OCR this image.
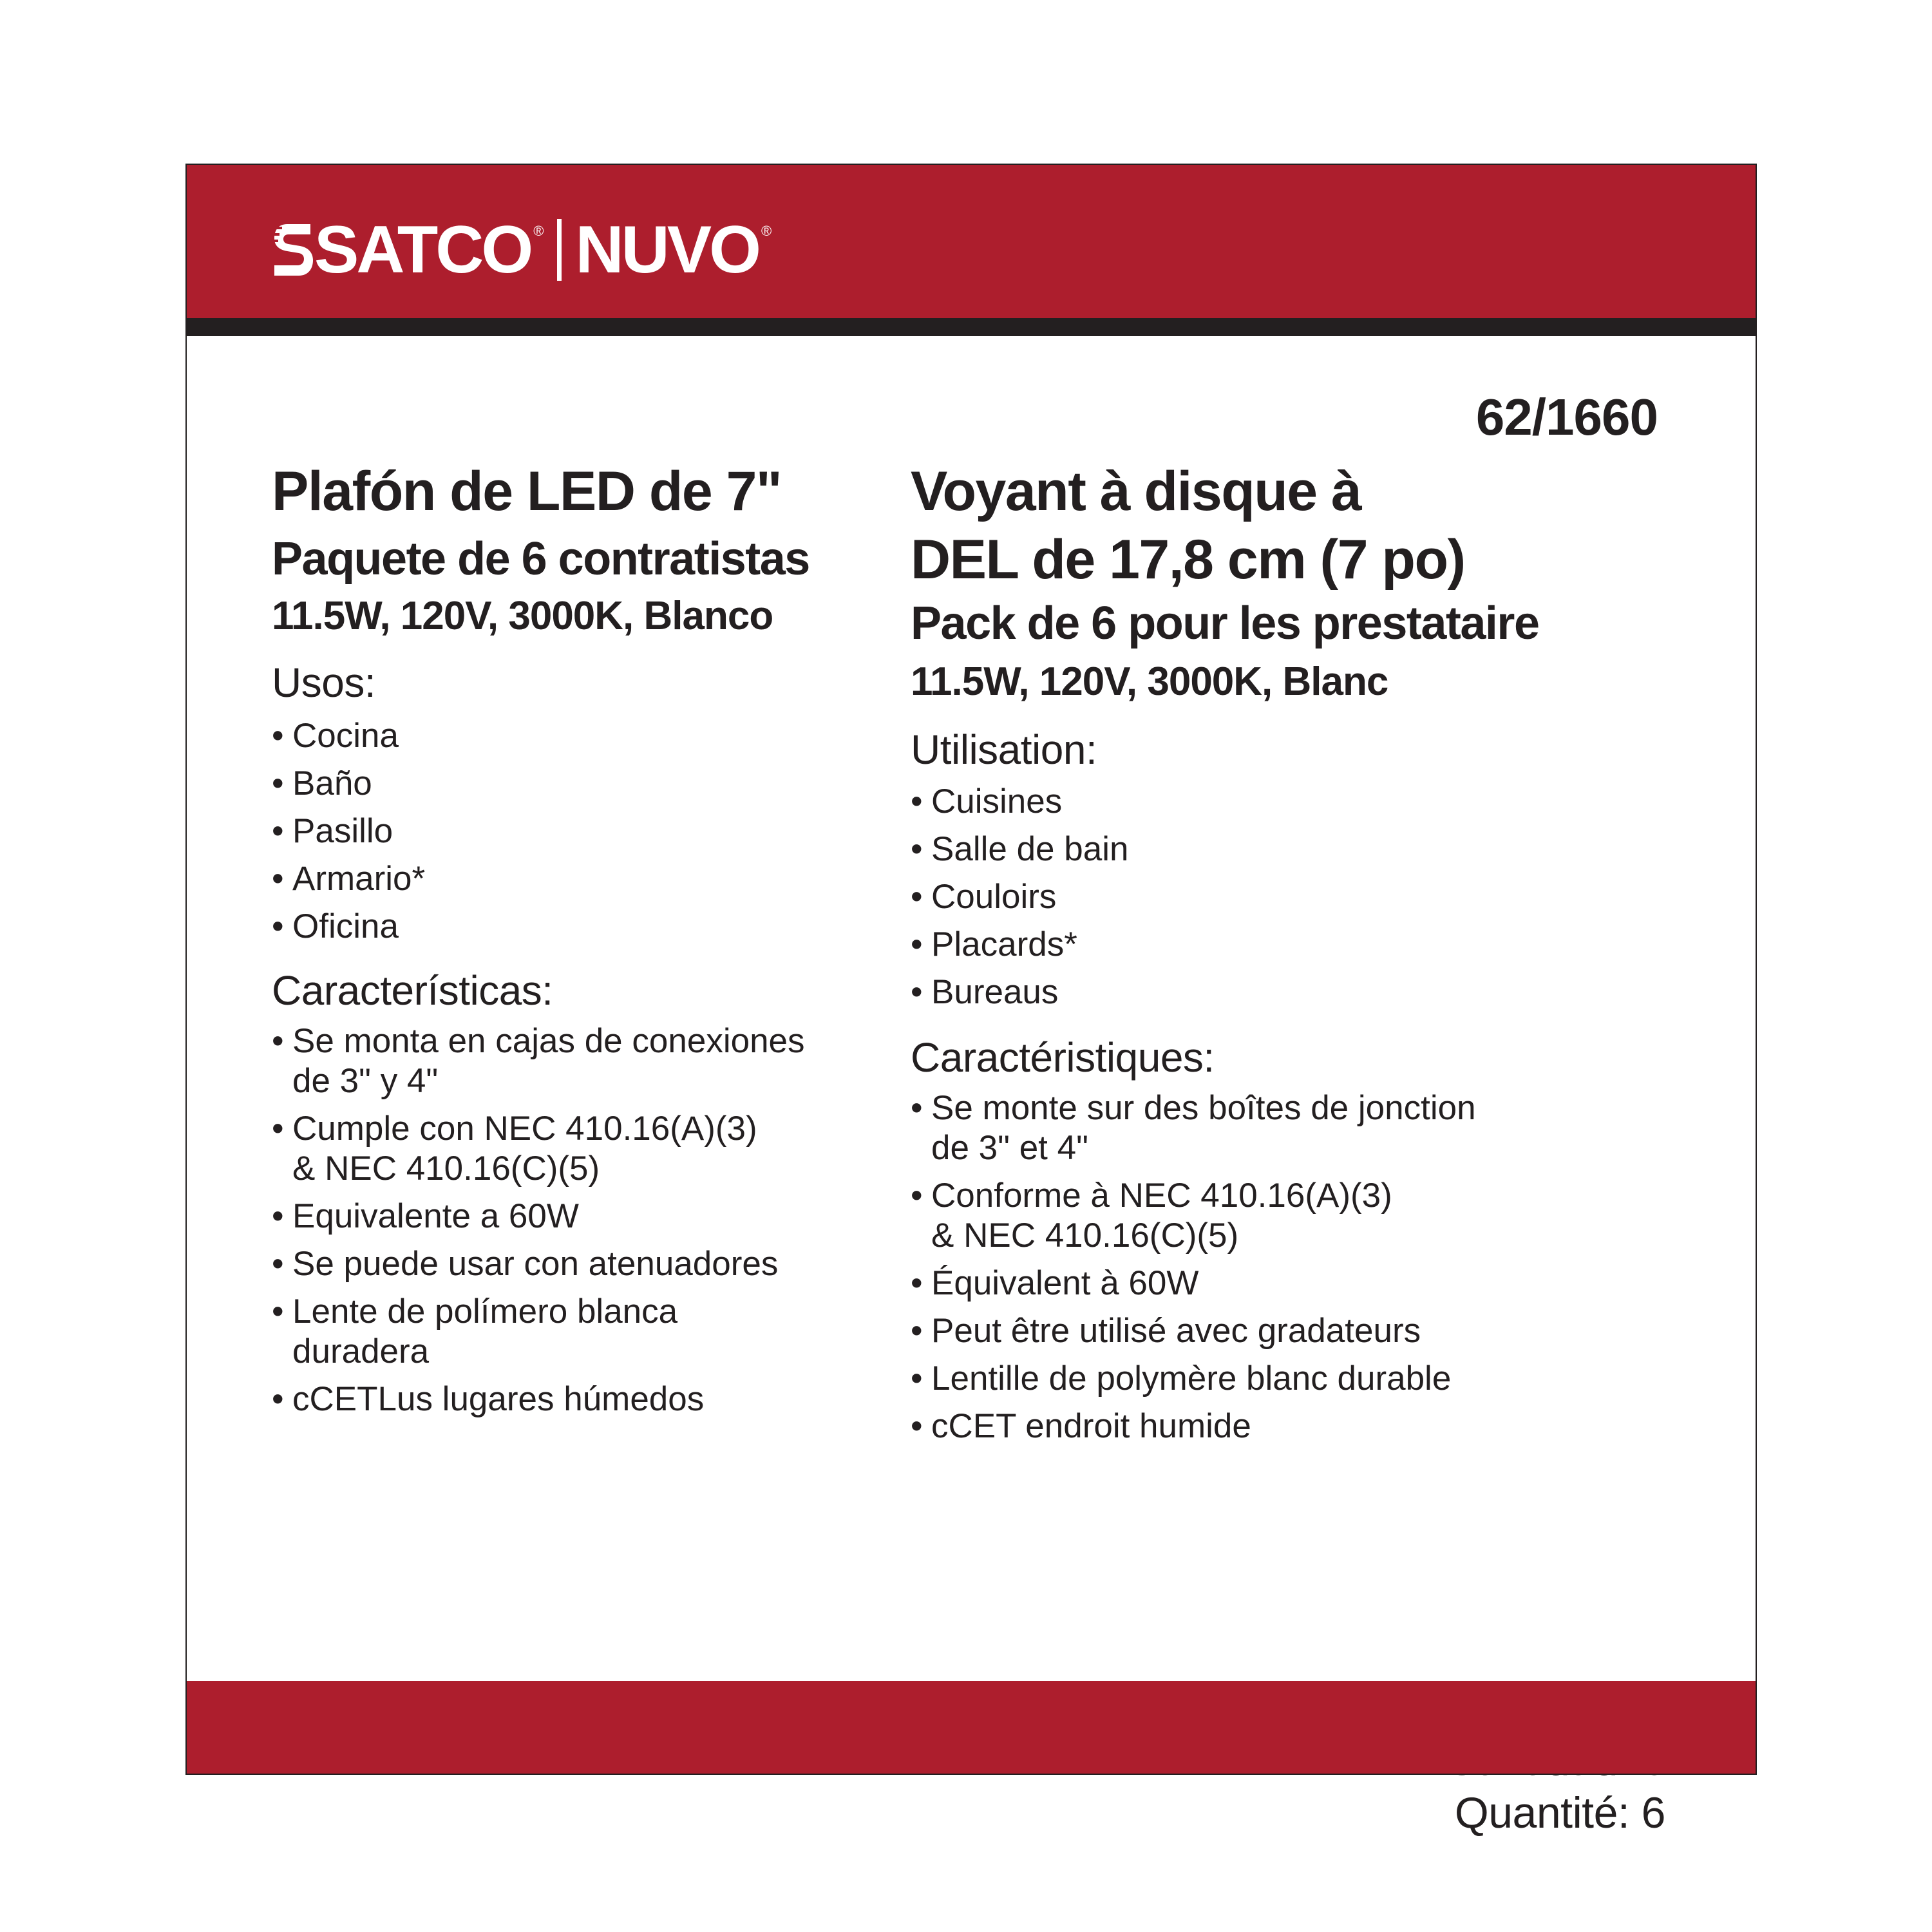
SATCO ® NUVO ®
62/1660
Plafón de LED de 7"
Paquete de 6 contratistas
11.5W, 120V, 3000K, Blanco
Usos:
• Cocina
• Baño
• Pasillo
• Armario*
• Oficina
Características:
• Se monta en cajas de conexiones
de 3" y 4"
• Cumple con NEC 410.16(A)(3)
& NEC 410.16(C)(5)
• Equivalente a 60W
• Se puede usar con atenuadores
• Lente de polímero blanca
duradera
• cCETLus lugares húmedos
Voyant à disque à
DEL de 17,8 cm (7 po)
Pack de 6 pour les prestataire
11.5W, 120V, 3000K, Blanc
Utilisation:
• Cuisines
• Salle de bain
• Couloirs
• Placards*
• Bureaus
Caractéristiques:
• Se monte sur des boîtes de jonction
de 3" et 4"
• Conforme à NEC 410.16(A)(3)
& NEC 410.16(C)(5)
• Équivalent à 60W
• Peut être utilisé avec gradateurs
• Lentille de polymère blanc durable
• cCET endroit humide
Quantité: 6
